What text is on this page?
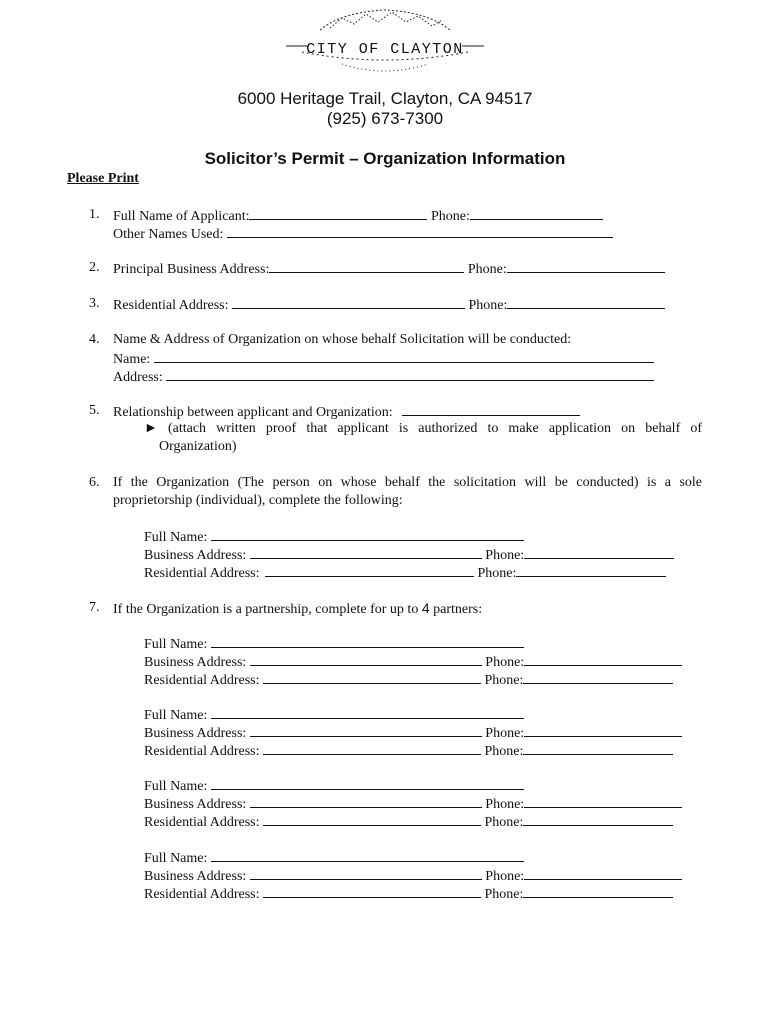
CITY OF CLAYTON
6000 Heritage Trail, Clayton, CA 94517
(925) 673-7300
Solicitor’s Permit – Organization Information
Please Print
1. Full Name of Applicant:	Phone:
Other Names Used:
2. Principal Business Address:	Phone:
3. Residential Address:	Phone:
4. Name & Address of Organization on whose behalf Solicitation will be conducted:
Name:
Address:
5. Relationship between applicant and Organization:
► (attach written proof that applicant is authorized to make application on behalf of
Organization)
6. If the Organization (The person on whose behalf the solicitation will be conducted) is a sole
proprietorship (individual), complete the following:
Full Name:
Business Address:	Phone:
Residential Address:	Phone:
7. If the Organization is a partnership, complete for up to 4 partners:
Full Name:
Business Address:	Phone:
Residential Address:	Phone:
Full Name:
Business Address:	Phone:
Residential Address:	Phone:
Full Name:
Business Address:	Phone:
Residential Address:	Phone:
Full Name:
Business Address:	Phone:
Residential Address:	Phone:
